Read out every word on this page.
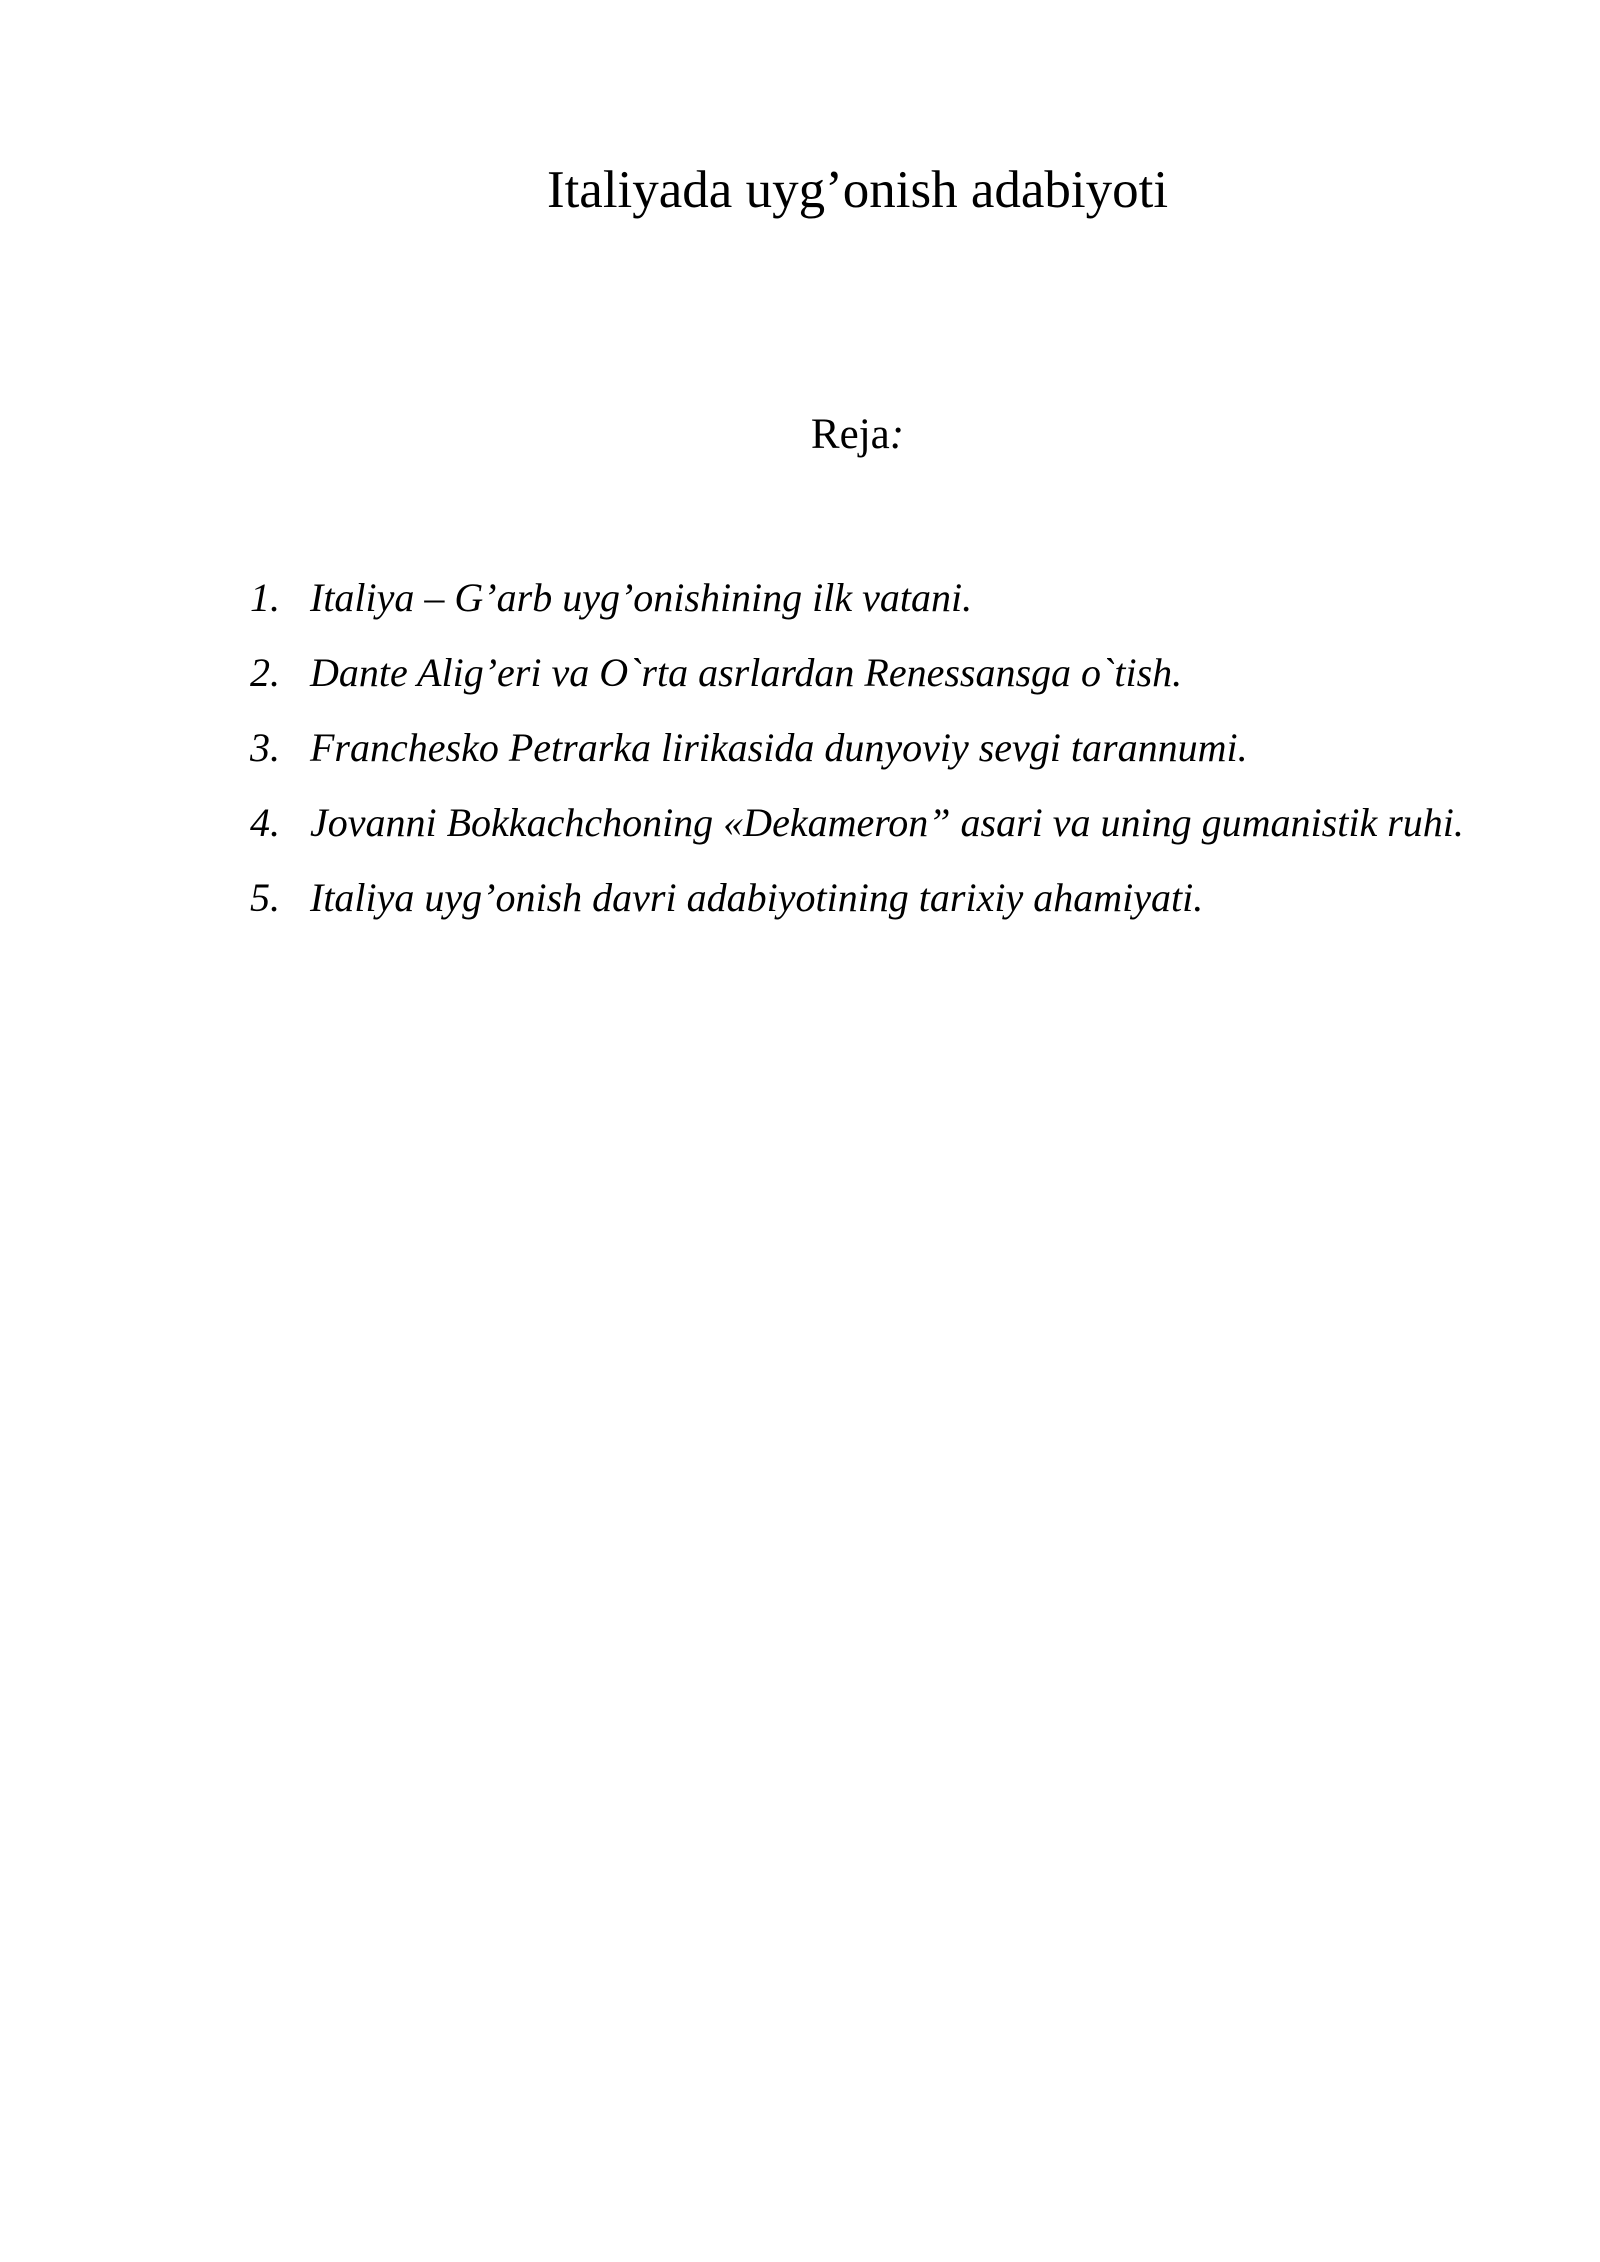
Italiyada uyg’onish adabiyoti
Reja:
1. Italiya – G’arb uyg’onishining ilk vatani.
2. Dante Alig’eri va O`rta asrlardan Renessansga o`tish.
3. Franchesko Petrarka lirikasida dunyoviy sevgi tarannumi.
4. Jovanni Bokkachchoning «Dekameron” asari va uning gumanistik ruhi.
5. Italiya uyg’onish davri adabiyotining tarixiy ahamiyati.
